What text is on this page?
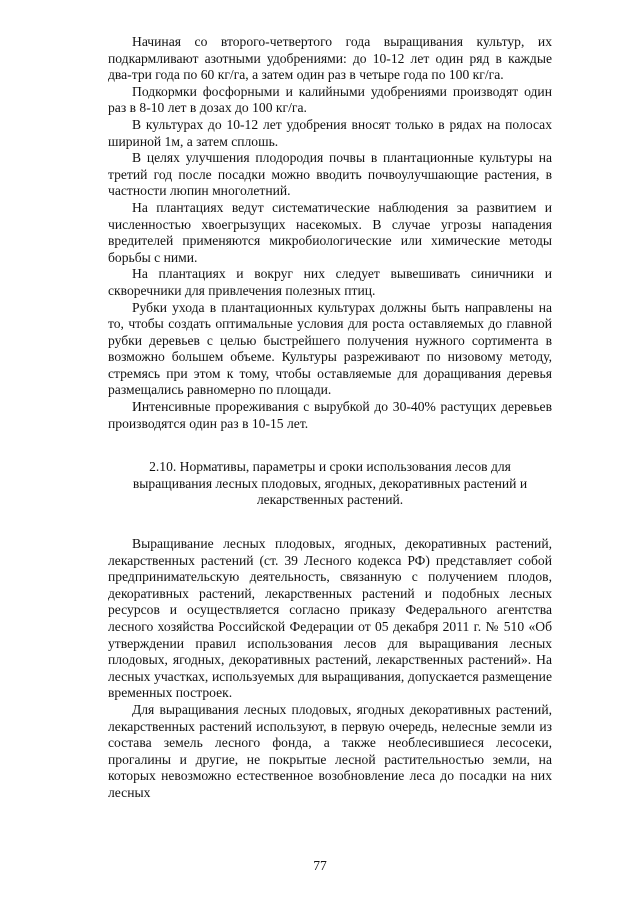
Начиная со второго-четвертого года выращивания культур, их подкармливают азотными удобрениями: до 10-12 лет один ряд в каждые два-три года по 60 кг/га, а затем один раз в четыре года по 100 кг/га.

Подкормки фосфорными и калийными удобрениями производят один раз в 8-10 лет в дозах до 100 кг/га.

В культурах до 10-12 лет удобрения вносят только в рядах на полосах шириной 1м, а затем сплошь.

В целях улучшения плодородия почвы в плантационные культуры на третий год после посадки можно вводить почвоулучшающие растения, в частности люпин многолетний.

На плантациях ведут систематические наблюдения за развитием и численностью хвоегрызущих насекомых. В случае угрозы нападения вредителей применяются микробиологические или химические методы борьбы с ними.

На плантациях и вокруг них следует вывешивать синичники и скворечники для привлечения полезных птиц.

Рубки ухода в плантационных культурах должны быть направлены на то, чтобы создать оптимальные условия для роста оставляемых до главной рубки деревьев с целью быстрейшего получения нужного сортимента в возможно большем объеме. Культуры разреживают по низовому методу, стремясь при этом к тому, чтобы оставляемые для доращивания деревья размещались равномерно по площади.

Интенсивные прореживания с вырубкой до 30-40% растущих деревьев производятся один раз в 10-15 лет.

2.10. Нормативы, параметры и сроки использования лесов для выращивания лесных плодовых, ягодных, декоративных растений и лекарственных растений.

Выращивание лесных плодовых, ягодных, декоративных растений, лекарственных растений (ст. 39 Лесного кодекса РФ) представляет собой предпринимательскую деятельность, связанную с получением плодов, декоративных растений, лекарственных растений и подобных лесных ресурсов и осуществляется согласно приказу Федерального агентства лесного хозяйства Российской Федерации от 05 декабря 2011 г. № 510 «Об утверждении правил использования лесов для выращивания лесных плодовых, ягодных, декоративных растений, лекарственных растений». На лесных участках, используемых для выращивания, допускается размещение временных построек.

Для выращивания лесных плодовых, ягодных декоративных растений, лекарственных растений используют, в первую очередь, нелесные земли из состава земель лесного фонда, а также необлесившиеся лесосеки, прогалины и другие, не покрытые лесной растительностью земли, на которых невозможно естественное возобновление леса до посадки на них лесных

77
